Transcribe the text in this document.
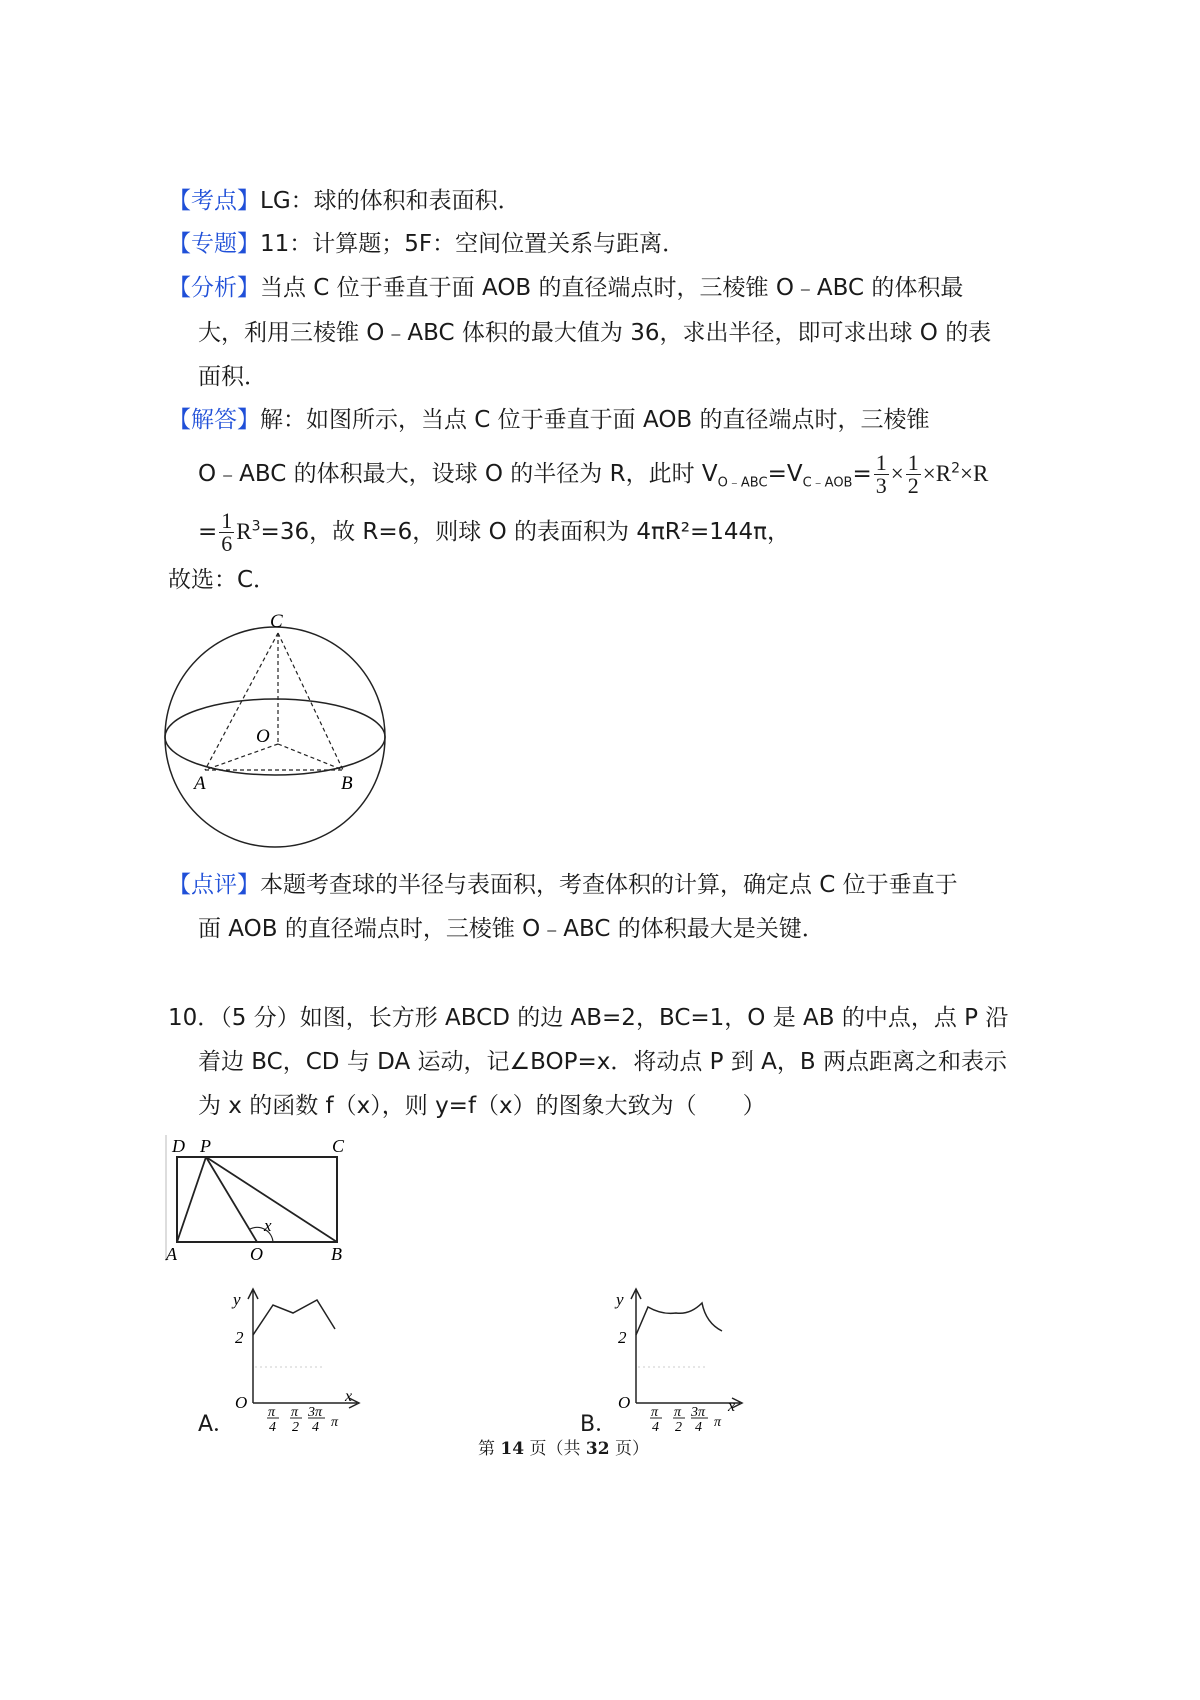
【考点】LG：球的体积和表面积．
【专题】11：计算题；5F：空间位置关系与距离．
【分析】当点 C 位于垂直于面 AOB 的直径端点时，三棱锥 O﹣ABC 的体积最
大，利用三棱锥 O﹣ABC 体积的最大值为 36，求出半径，即可求出球 O 的表
面积．
【解答】解：如图所示，当点 C 位于垂直于面 AOB 的直径端点时，三棱锥
O﹣ABC 的体积最大，设球 O 的半径为 R，此时 $V_{O﹣ABC}=V_{C﹣AOB}= \frac{1}{3} \times \frac{1}{2} \times R^2\times R$
= $\frac{1}{6} R^3=36$，故 R=6，则球 O 的表面积为 4πR²=144π，
故选：C．
C
O
A	B
【点评】本题考查球的半径与表面积，考查体积的计算，确定点 C 位于垂直于
面 AOB 的直径端点时，三棱锥 O﹣ABC 的体积最大是关键．
10．（5 分）如图，长方形 ABCD 的边 AB=2，BC=1，O 是 AB 的中点，点 P 沿
着边 BC，CD 与 DA 运动，记∠BOP=x．将动点 P 到 A，B 两点距离之和表示
为 x 的函数 f（x），则 y=f（x）的图象大致为（　　）
D P	C
A	O	B
x
y
2
O	x
π
4
π
2
3π
4 π
A．
y
2
O	x
π
4
π
2
3π
4 π
B．
第 14 页（共 32 页）
